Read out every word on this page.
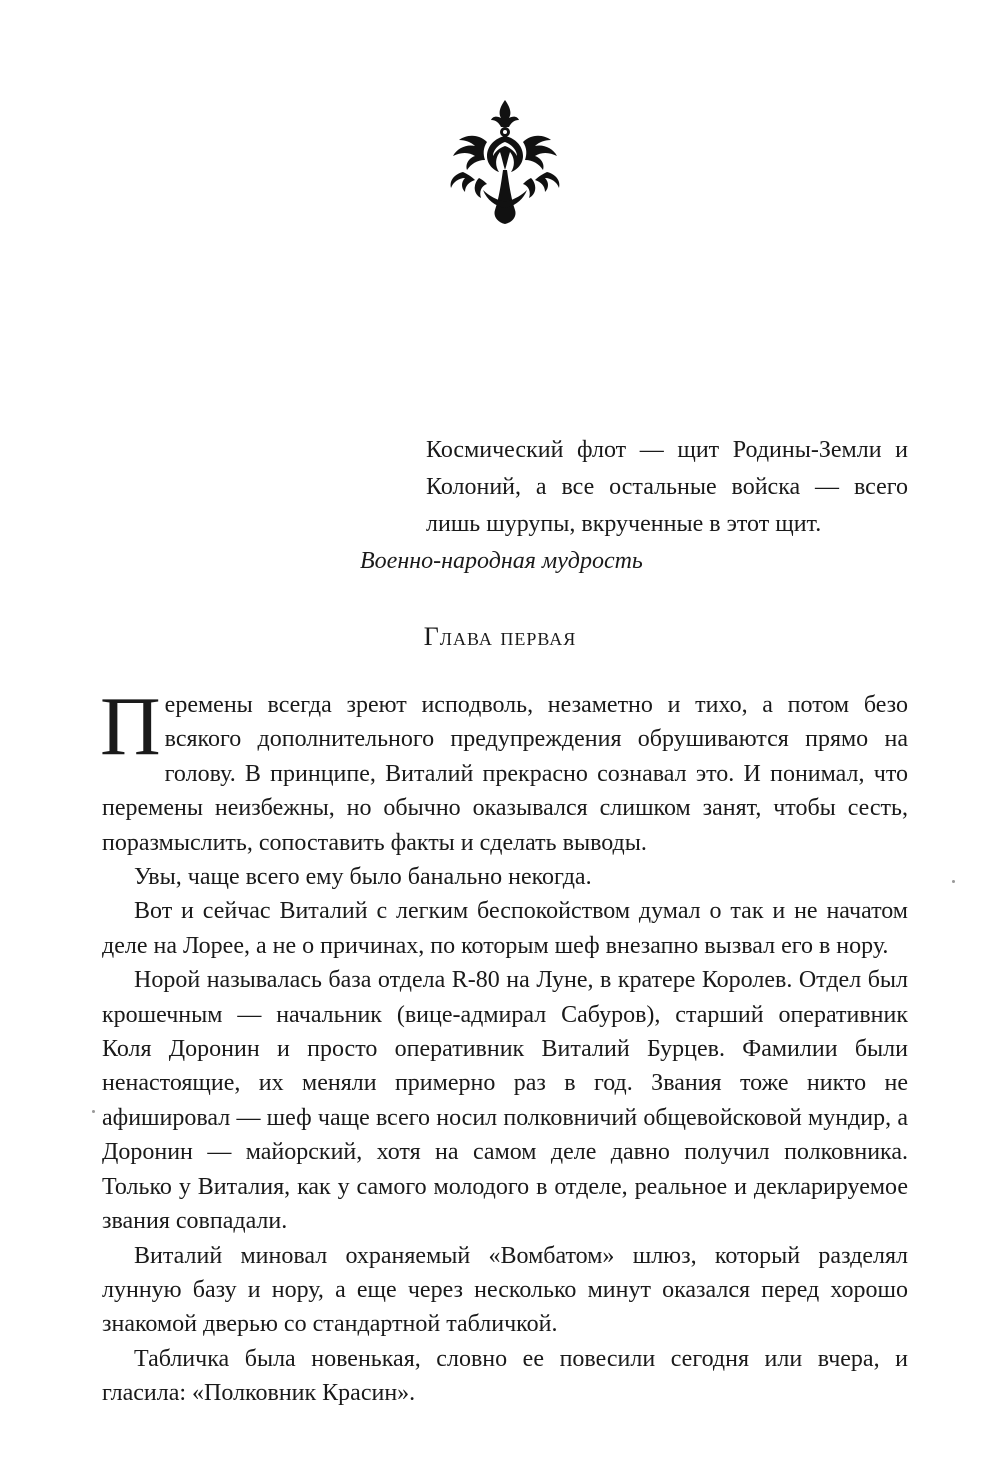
Космический флот — щит Родины-Земли и Колоний, а все остальные войска — всего лишь шурупы, вкрученные в этот щит.

Военно-народная мудрость

Глава первая

Перемены всегда зреют исподволь, незаметно и тихо, а потом безо всякого дополнительного предупреждения обрушиваются прямо на голову. В принципе, Виталий прекрасно сознавал это. И понимал, что перемены неизбежны, но обычно оказывался слишком занят, чтобы сесть, поразмыслить, сопоставить факты и сделать выводы.

Увы, чаще всего ему было банально некогда.

Вот и сейчас Виталий с легким беспокойством думал о так и не начатом деле на Лорее, а не о причинах, по которым шеф внезапно вызвал его в нору.

Норой называлась база отдела R-80 на Луне, в кратере Королев. Отдел был крошечным — начальник (вице-адмирал Сабуров), старший оперативник Коля Доронин и просто оперативник Виталий Бурцев. Фамилии были ненастоящие, их меняли примерно раз в год. Звания тоже никто не афишировал — шеф чаще всего носил полковничий общевойсковой мундир, а Доронин — майорский, хотя на самом деле давно получил полковника. Только у Виталия, как у самого молодого в отделе, реальное и декларируемое звания совпадали.

Виталий миновал охраняемый «Вомбатом» шлюз, который разделял лунную базу и нору, а еще через несколько минут оказался перед хорошо знакомой дверью со стандартной табличкой.

Табличка была новенькая, словно ее повесили сегодня или вчера, и гласила: «Полковник Красин».
